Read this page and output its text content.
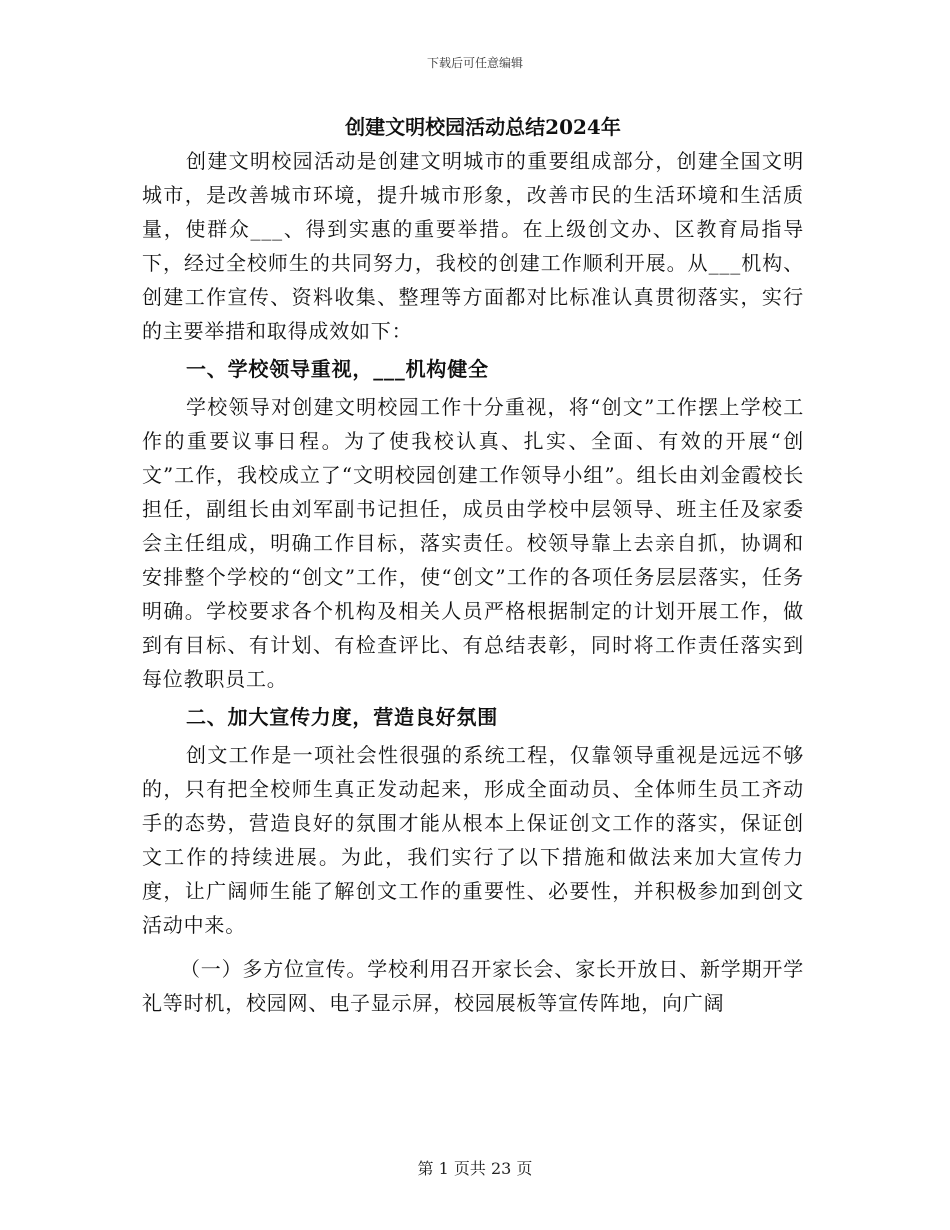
下载后可任意编辑
创建文明校园活动总结2024年

创建文明校园活动是创建文明城市的重要组成部分，创建全国文明城市，是改善城市环境，提升城市形象，改善市民的生活环境和生活质量，使群众___、得到实惠的重要举措。在上级创文办、区教育局指导下，经过全校师生的共同努力，我校的创建工作顺利开展。从___机构、创建工作宣传、资料收集、整理等方面都对比标准认真贯彻落实，实行的主要举措和取得成效如下：

一、学校领导重视，___机构健全

学校领导对创建文明校园工作十分重视，将“创文”工作摆上学校工作的重要议事日程。为了使我校认真、扎实、全面、有效的开展“创文”工作，我校成立了“文明校园创建工作领导小组”。组长由刘金霞校长担任，副组长由刘军副书记担任，成员由学校中层领导、班主任及家委会主任组成，明确工作目标，落实责任。校领导靠上去亲自抓，协调和安排整个学校的“创文”工作，使“创文”工作的各项任务层层落实，任务明确。学校要求各个机构及相关人员严格根据制定的计划开展工作，做到有目标、有计划、有检查评比、有总结表彰，同时将工作责任落实到每位教职员工。

二、加大宣传力度，营造良好氛围

创文工作是一项社会性很强的系统工程，仅靠领导重视是远远不够的，只有把全校师生真正发动起来，形成全面动员、全体师生员工齐动手的态势，营造良好的氛围才能从根本上保证创文工作的落实，保证创文工作的持续进展。为此，我们实行了以下措施和做法来加大宣传力度，让广阔师生能了解创文工作的重要性、必要性，并积极参加到创文活动中来。

（一）多方位宣传。学校利用召开家长会、家长开放日、新学期开学礼等时机，校园网、电子显示屏，校园展板等宣传阵地，向广阔

第 1 页共 23 页
